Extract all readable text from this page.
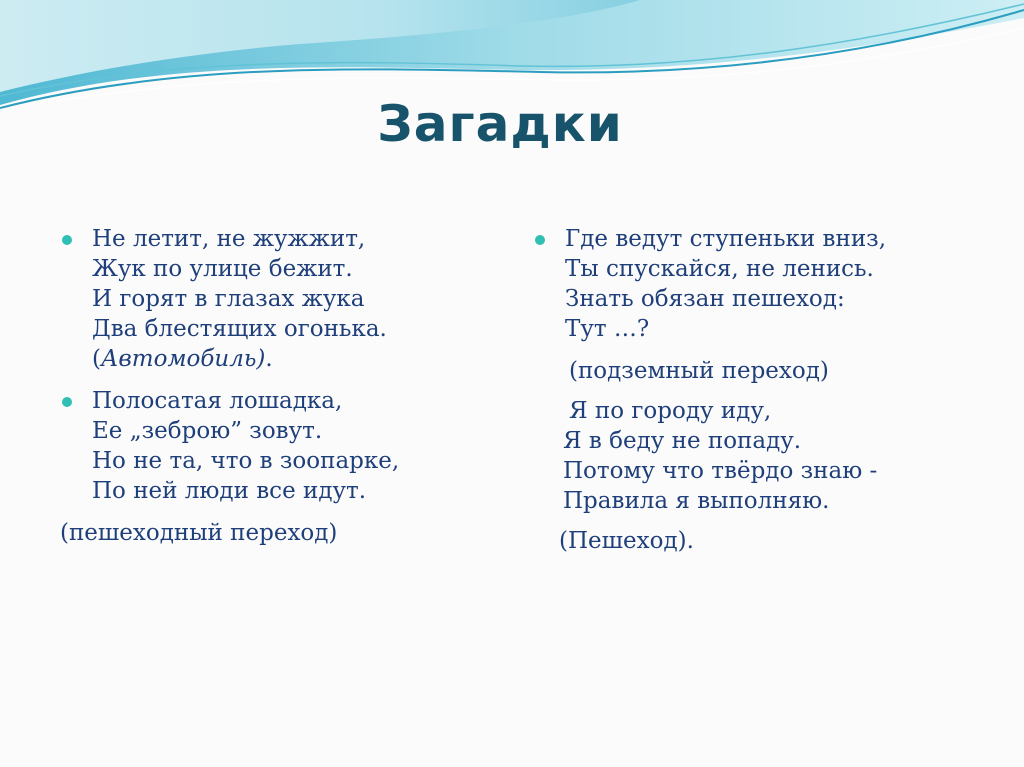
Загадки
Не летит, не жужжит,
Жук по улице бежит.
И горят в глазах жука
Два блестящих огонька.
(Автомобиль).
Полосатая лошадка,
Ее „зеброю” зовут.
Но не та, что в зоопарке,
По ней люди все идут.
(пешеходный переход)
Где ведут ступеньки вниз,
Ты спускайся, не ленись.
Знать обязан пешеход:
Тут …?
(подземный переход)
Я по городу иду,
Я в беду не попаду.
Потому что твёрдо знаю -
Правила я выполняю.
(Пешеход).
